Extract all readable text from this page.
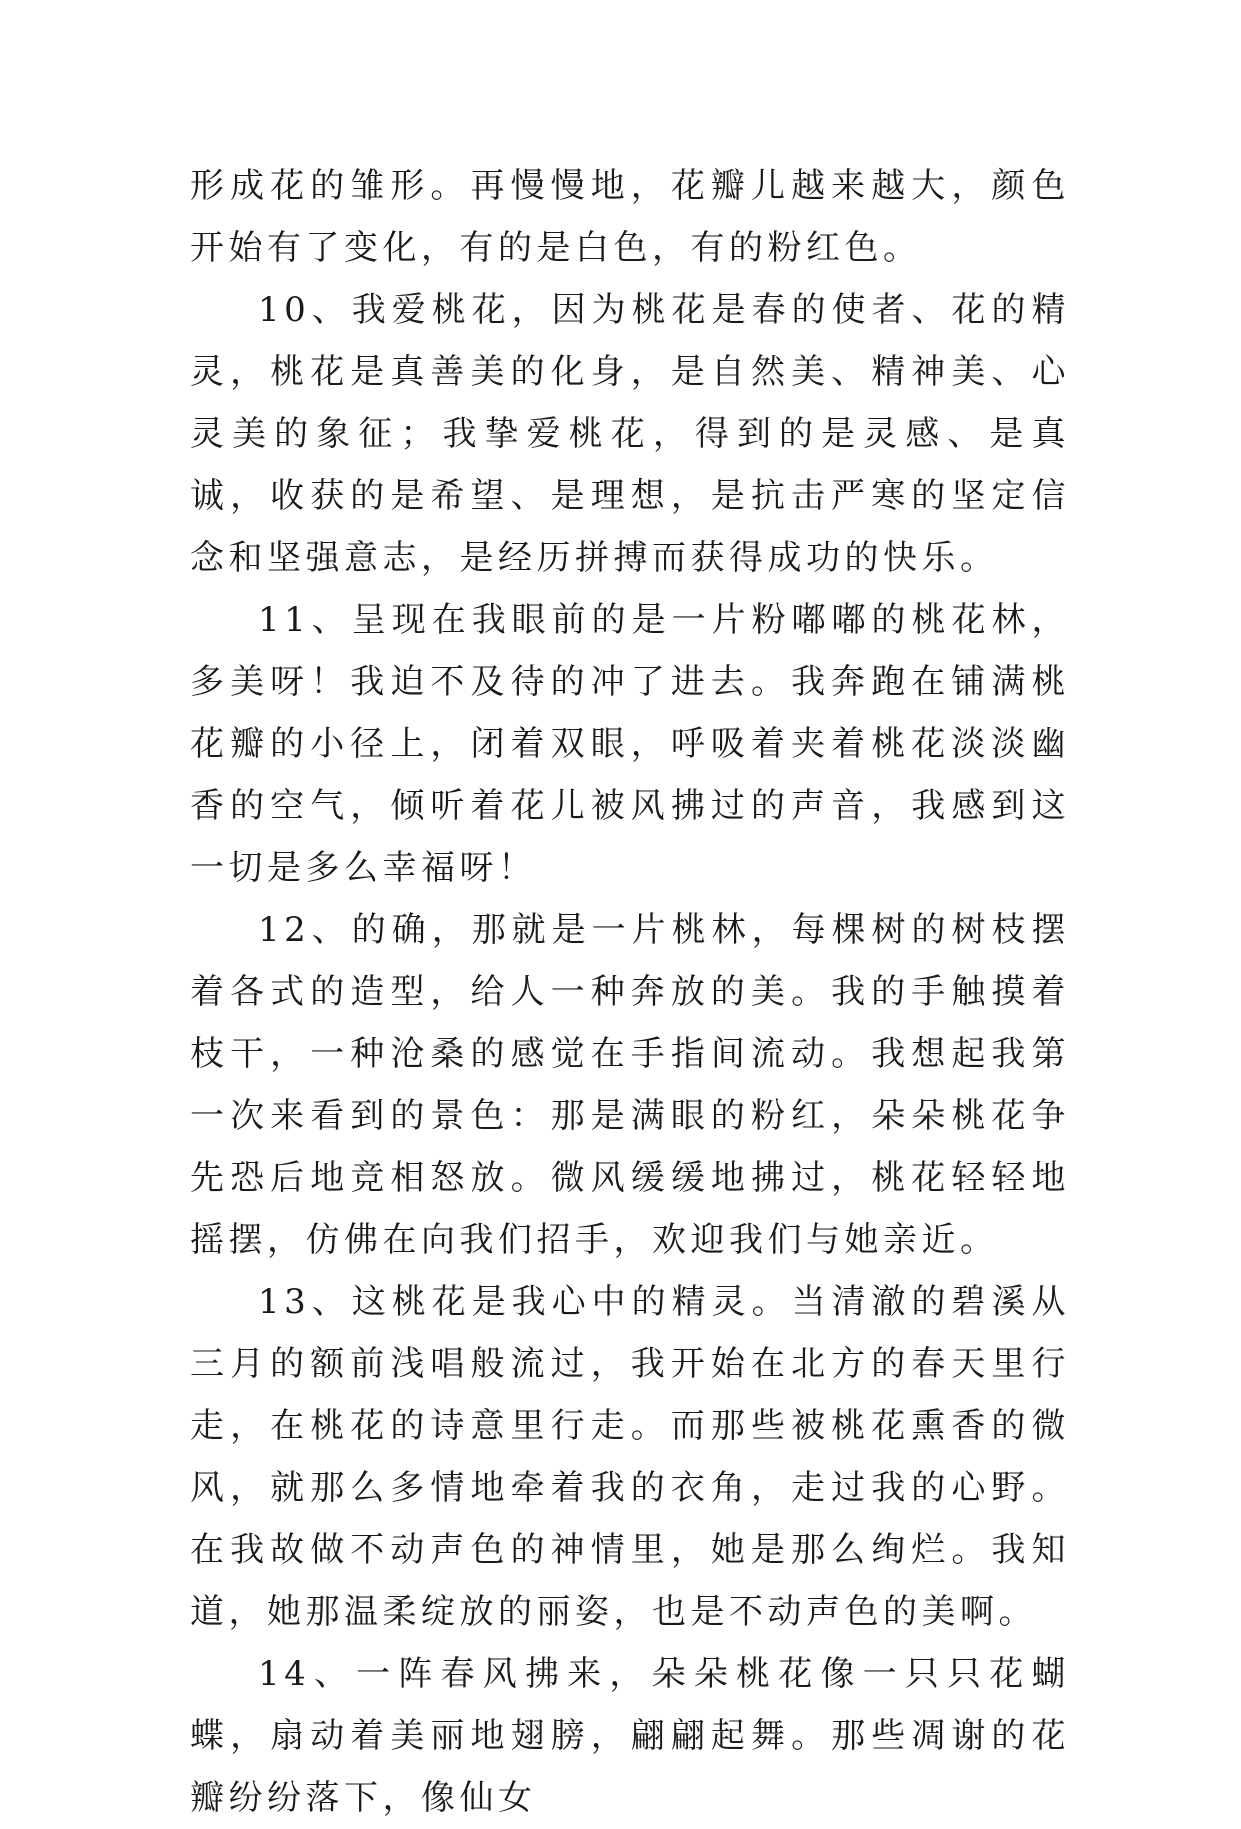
形成花的雏形。再慢慢地，花瓣儿越来越大，颜色开始有了变化，有的是白色，有的粉红色。

10、我爱桃花，因为桃花是春的使者、花的精灵，桃花是真善美的化身，是自然美、精神美、心灵美的象征；我挚爱桃花，得到的是灵感、是真诚，收获的是希望、是理想，是抗击严寒的坚定信念和坚强意志，是经历拼搏而获得成功的快乐。

11、呈现在我眼前的是一片粉嘟嘟的桃花林，多美呀！我迫不及待的冲了进去。我奔跑在铺满桃花瓣的小径上，闭着双眼，呼吸着夹着桃花淡淡幽香的空气，倾听着花儿被风拂过的声音，我感到这一切是多么幸福呀！

12、的确，那就是一片桃林，每棵树的树枝摆着各式的造型，给人一种奔放的美。我的手触摸着枝干，一种沧桑的感觉在手指间流动。我想起我第一次来看到的景色：那是满眼的粉红，朵朵桃花争先恐后地竞相怒放。微风缓缓地拂过，桃花轻轻地摇摆，仿佛在向我们招手，欢迎我们与她亲近。

13、这桃花是我心中的精灵。当清澈的碧溪从三月的额前浅唱般流过，我开始在北方的春天里行走，在桃花的诗意里行走。而那些被桃花熏香的微风，就那么多情地牵着我的衣角，走过我的心野。在我故做不动声色的神情里，她是那么绚烂。我知道，她那温柔绽放的丽姿，也是不动声色的美啊。

14、一阵春风拂来，朵朵桃花像一只只花蝴蝶，扇动着美丽地翅膀，翩翩起舞。那些凋谢的花瓣纷纷落下，像仙女
